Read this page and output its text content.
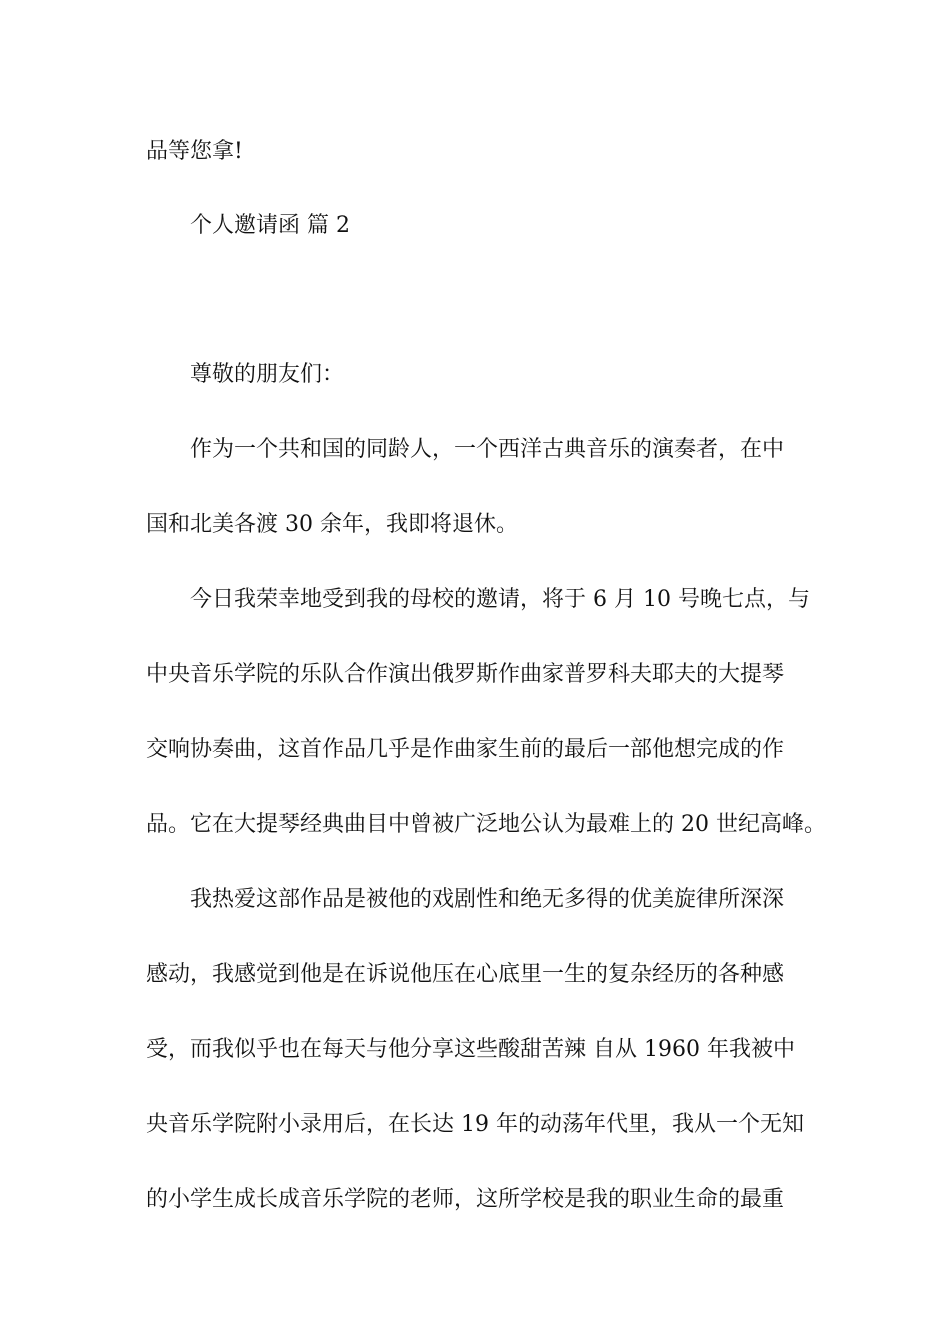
品等您拿!
个人邀请函 篇 2
尊敬的朋友们：
作为一个共和国的同龄人，一个西洋古典音乐的演奏者，在中
国和北美各渡 30 余年，我即将退休。
今日我荣幸地受到我的母校的邀请，将于 6 月 10 号晚七点，与
中央音乐学院的乐队合作演出俄罗斯作曲家普罗科夫耶夫的大提琴
交响协奏曲，这首作品几乎是作曲家生前的最后一部他想完成的作
品。它在大提琴经典曲目中曾被广泛地公认为最难上的 20 世纪高峰。
我热爱这部作品是被他的戏剧性和绝无多得的优美旋律所深深
感动，我感觉到他是在诉说他压在心底里一生的复杂经历的各种感
受，而我似乎也在每天与他分享这些酸甜苦辣 自从 1960 年我被中
央音乐学院附小录用后，在长达 19 年的动荡年代里，我从一个无知
的小学生成长成音乐学院的老师，这所学校是我的职业生命的最重
